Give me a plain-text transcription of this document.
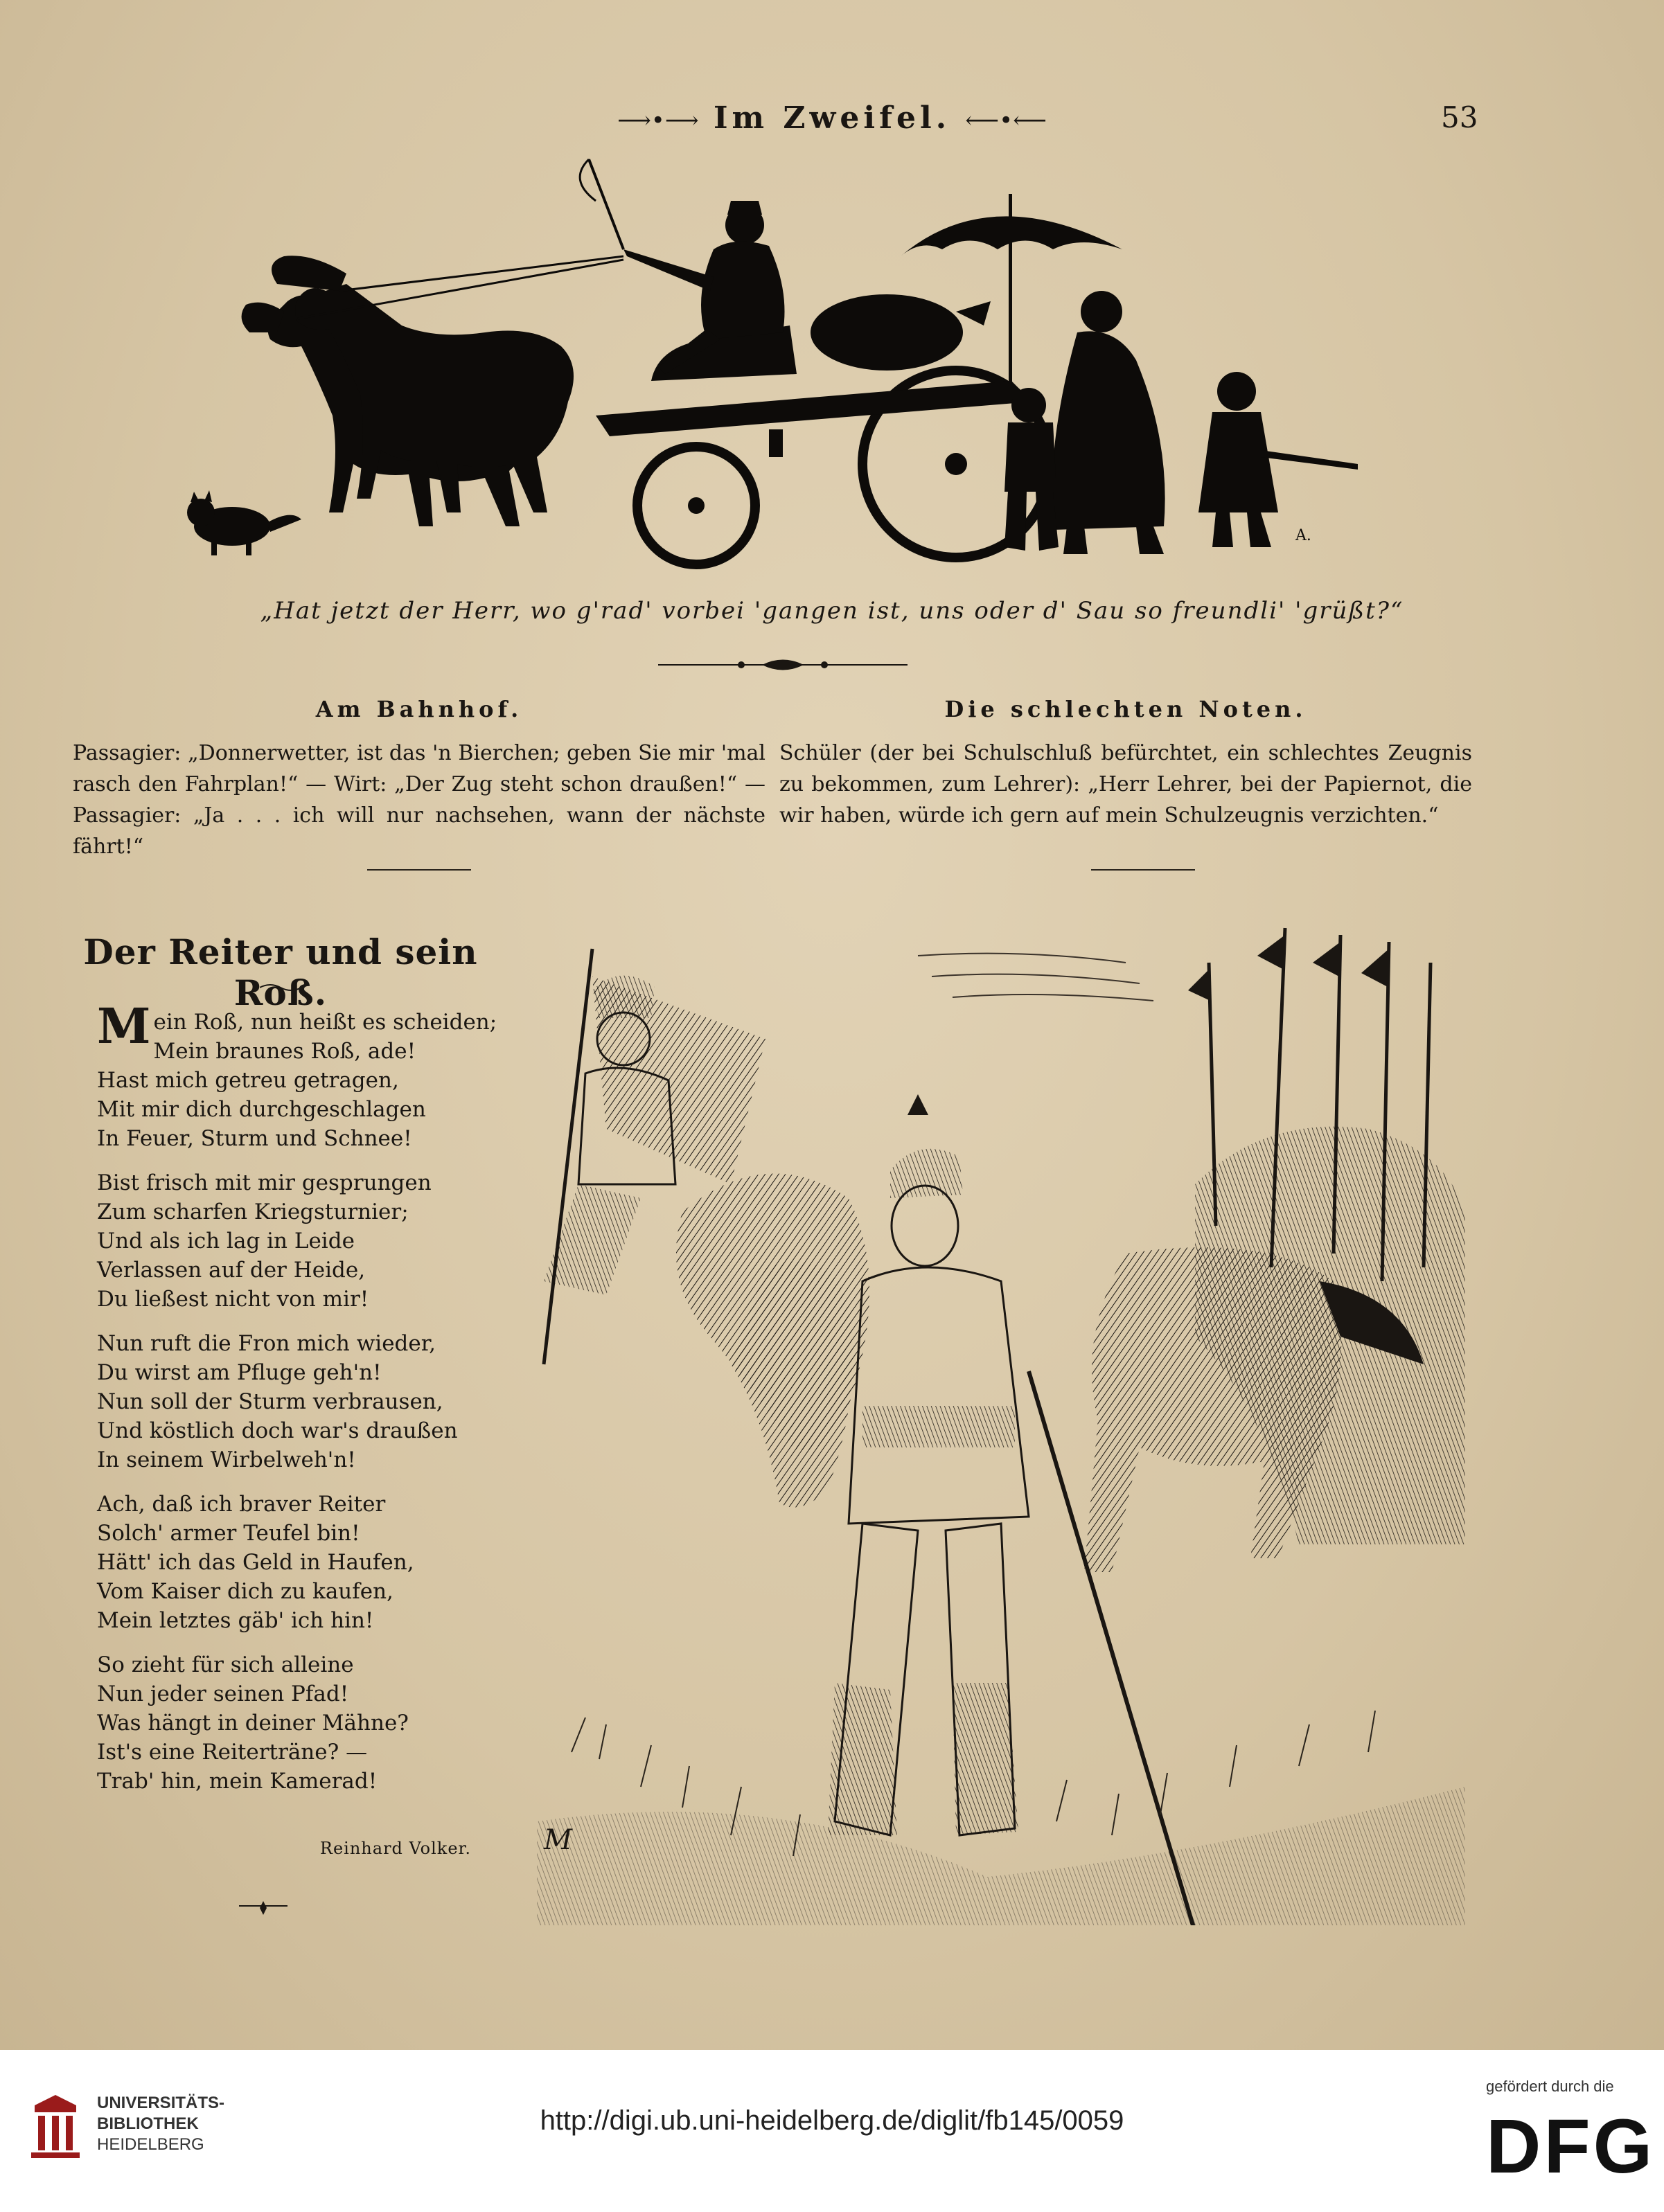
⟶•⟶ Im Zweifel. ⟵•⟵	53
A.
„Hat jetzt der Herr, wo g'rad' vorbei 'gangen ist, uns oder d' Sau so freundli' 'grüßt?“
Am Bahnhof.
Passagier: „Donnerwetter, ist das 'n Bierchen; geben Sie mir 'mal rasch den Fahrplan!“ — Wirt: „Der Zug steht schon draußen!“ — Passagier: „Ja . . . ich will nur nachsehen, wann der nächste fährt!“
Die schlechten Noten.
Schüler (der bei Schulschluß befürchtet, ein schlechtes Zeugnis zu bekommen, zum Lehrer): „Herr Lehrer, bei der Papiernot, die wir haben, würde ich gern auf mein Schulzeugnis verzichten.“
Der Reiter und sein Roß.
M ein Roß, nun heißt es scheiden;
Mein braunes Roß, ade!
Hast mich getreu getragen,
Mit mir dich durchgeschlagen
In Feuer, Sturm und Schnee!
Bist frisch mit mir gesprungen
Zum scharfen Kriegsturnier;
Und als ich lag in Leide
Verlassen auf der Heide,
Du ließest nicht von mir!
Nun ruft die Fron mich wieder,
Du wirst am Pfluge geh'n!
Nun soll der Sturm verbrausen,
Und köstlich doch war's draußen
In seinem Wirbelweh'n!
Ach, daß ich braver Reiter
Solch' armer Teufel bin!
Hätt' ich das Geld in Haufen,
Vom Kaiser dich zu kaufen,
Mein letztes gäb' ich hin!
So zieht für sich alleine
Nun jeder seinen Pfad!
Was hängt in deiner Mähne?
Ist's eine Reiterträne? —
Trab' hin, mein Kamerad!
Reinhard Volker.	M
UNIVERSITÄTS-
BIBLIOTHEK
HEIDELBERG
http://digi.ub.uni-heidelberg.de/diglit/fb145/0059
gefördert durch die
DFG
